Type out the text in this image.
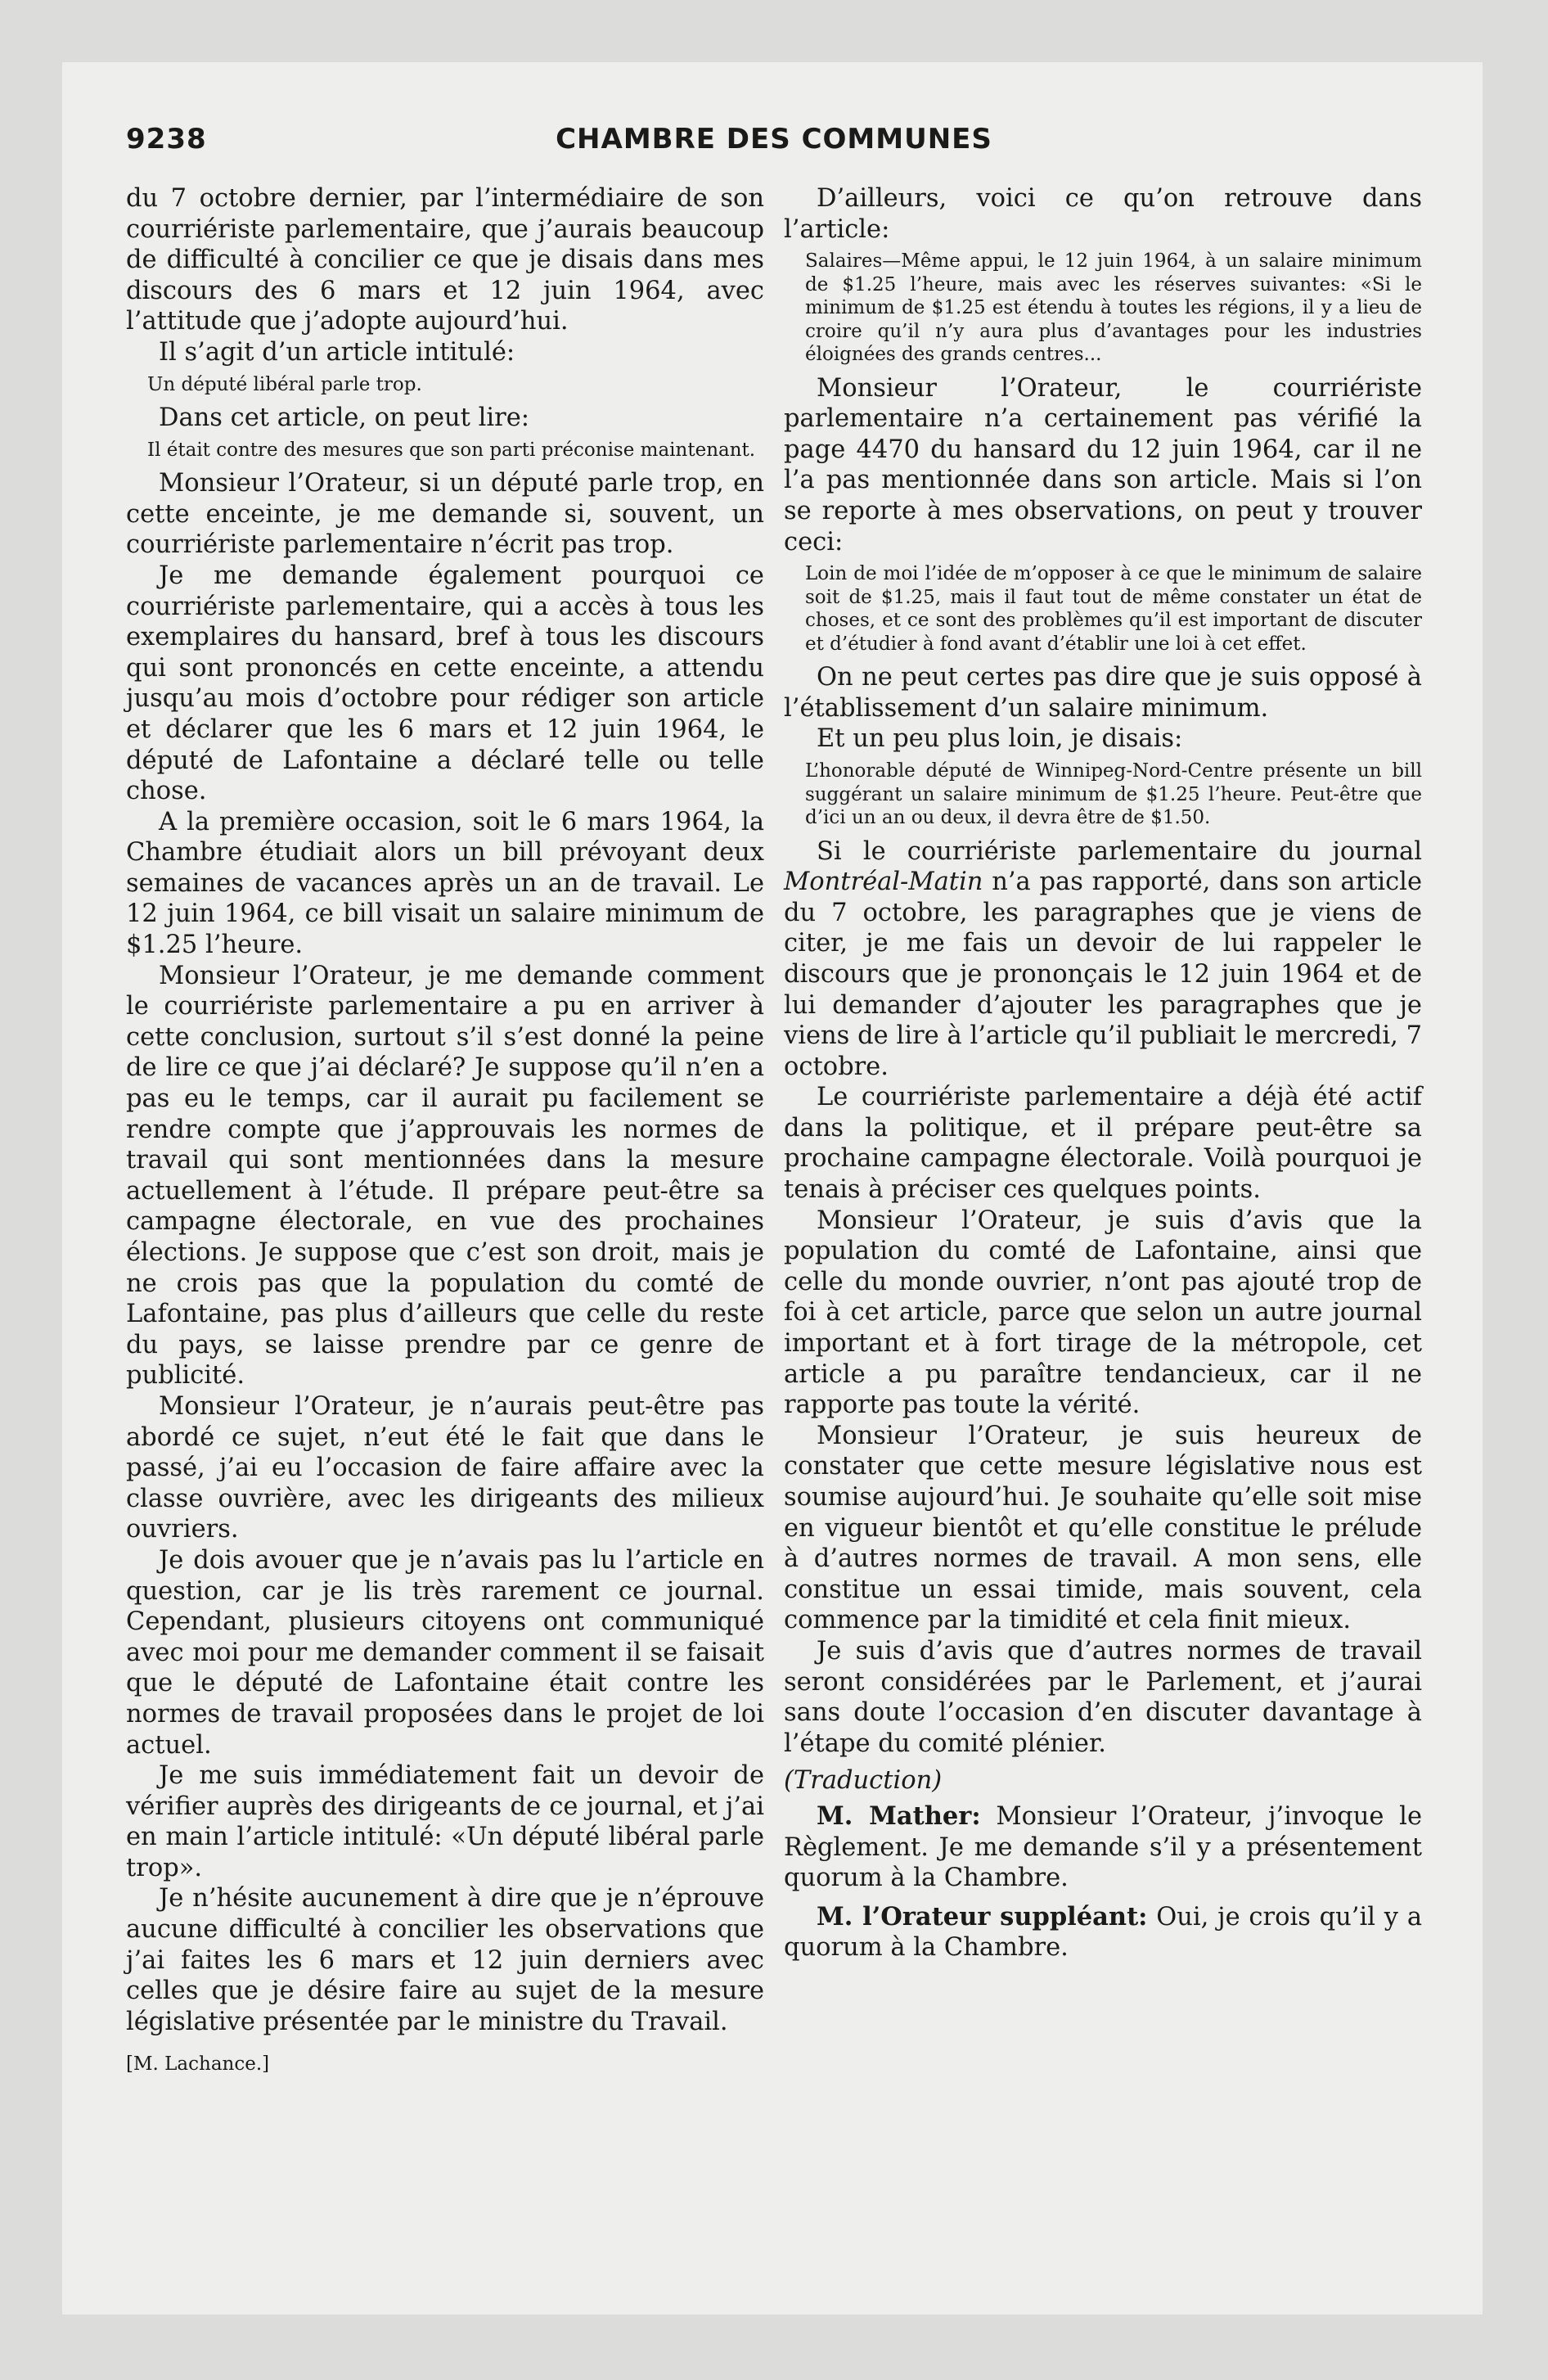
9238	CHAMBRE DES COMMUNES

du 7 octobre dernier, par l’intermédiaire de son courriériste parlementaire, que j’aurais beaucoup de difficulté à concilier ce que je disais dans mes discours des 6 mars et 12 juin 1964, avec l’attitude que j’adopte aujourd’hui.

Il s’agit d’un article intitulé:

Un député libéral parle trop.

Dans cet article, on peut lire:

Il était contre des mesures que son parti préconise maintenant.

Monsieur l’Orateur, si un député parle trop, en cette enceinte, je me demande si, souvent, un courriériste parlementaire n’écrit pas trop.

Je me demande également pourquoi ce courriériste parlementaire, qui a accès à tous les exemplaires du hansard, bref à tous les discours qui sont prononcés en cette enceinte, a attendu jusqu’au mois d’octobre pour rédiger son article et déclarer que les 6 mars et 12 juin 1964, le député de Lafontaine a déclaré telle ou telle chose.

A la première occasion, soit le 6 mars 1964, la Chambre étudiait alors un bill prévoyant deux semaines de vacances après un an de travail. Le 12 juin 1964, ce bill visait un salaire minimum de $1.25 l’heure.

Monsieur l’Orateur, je me demande comment le courriériste parlementaire a pu en arriver à cette conclusion, surtout s’il s’est donné la peine de lire ce que j’ai déclaré? Je suppose qu’il n’en a pas eu le temps, car il aurait pu facilement se rendre compte que j’approuvais les normes de travail qui sont mentionnées dans la mesure actuellement à l’étude. Il prépare peut-être sa campagne électorale, en vue des prochaines élections. Je suppose que c’est son droit, mais je ne crois pas que la population du comté de Lafontaine, pas plus d’ailleurs que celle du reste du pays, se laisse prendre par ce genre de publicité.

Monsieur l’Orateur, je n’aurais peut-être pas abordé ce sujet, n’eut été le fait que dans le passé, j’ai eu l’occasion de faire affaire avec la classe ouvrière, avec les dirigeants des milieux ouvriers.

Je dois avouer que je n’avais pas lu l’article en question, car je lis très rarement ce journal. Cependant, plusieurs citoyens ont communiqué avec moi pour me demander comment il se faisait que le député de Lafontaine était contre les normes de travail proposées dans le projet de loi actuel.

Je me suis immédiatement fait un devoir de vérifier auprès des dirigeants de ce journal, et j’ai en main l’article intitulé: «Un député libéral parle trop».

Je n’hésite aucunement à dire que je n’éprouve aucune difficulté à concilier les observations que j’ai faites les 6 mars et 12 juin derniers avec celles que je désire faire au sujet de la mesure législative présentée par le ministre du Travail.

[M. Lachance.]

D’ailleurs, voici ce qu’on retrouve dans l’article:

Salaires—Même appui, le 12 juin 1964, à un salaire minimum de $1.25 l’heure, mais avec les réserves suivantes: «Si le minimum de $1.25 est étendu à toutes les régions, il y a lieu de croire qu’il n’y aura plus d’avantages pour les industries éloignées des grands centres...

Monsieur l’Orateur, le courriériste parlementaire n’a certainement pas vérifié la page 4470 du hansard du 12 juin 1964, car il ne l’a pas mentionnée dans son article. Mais si l’on se reporte à mes observations, on peut y trouver ceci:

Loin de moi l’idée de m’opposer à ce que le minimum de salaire soit de $1.25, mais il faut tout de même constater un état de choses, et ce sont des problèmes qu’il est important de discuter et d’étudier à fond avant d’établir une loi à cet effet.

On ne peut certes pas dire que je suis opposé à l’établissement d’un salaire minimum.

Et un peu plus loin, je disais:

L’honorable député de Winnipeg-Nord-Centre présente un bill suggérant un salaire minimum de $1.25 l’heure. Peut-être que d’ici un an ou deux, il devra être de $1.50.

Si le courriériste parlementaire du journal Montréal-Matin n’a pas rapporté, dans son article du 7 octobre, les paragraphes que je viens de citer, je me fais un devoir de lui rappeler le discours que je prononçais le 12 juin 1964 et de lui demander d’ajouter les paragraphes que je viens de lire à l’article qu’il publiait le mercredi, 7 octobre.

Le courriériste parlementaire a déjà été actif dans la politique, et il prépare peut-être sa prochaine campagne électorale. Voilà pourquoi je tenais à préciser ces quelques points.

Monsieur l’Orateur, je suis d’avis que la population du comté de Lafontaine, ainsi que celle du monde ouvrier, n’ont pas ajouté trop de foi à cet article, parce que selon un autre journal important et à fort tirage de la métropole, cet article a pu paraître tendancieux, car il ne rapporte pas toute la vérité.

Monsieur l’Orateur, je suis heureux de constater que cette mesure législative nous est soumise aujourd’hui. Je souhaite qu’elle soit mise en vigueur bientôt et qu’elle constitue le prélude à d’autres normes de travail. A mon sens, elle constitue un essai timide, mais souvent, cela commence par la timidité et cela finit mieux.

Je suis d’avis que d’autres normes de travail seront considérées par le Parlement, et j’aurai sans doute l’occasion d’en discuter davantage à l’étape du comité plénier.

(Traduction)

M. Mather: Monsieur l’Orateur, j’invoque le Règlement. Je me demande s’il y a présentement quorum à la Chambre.

M. l’Orateur suppléant: Oui, je crois qu’il y a quorum à la Chambre.
